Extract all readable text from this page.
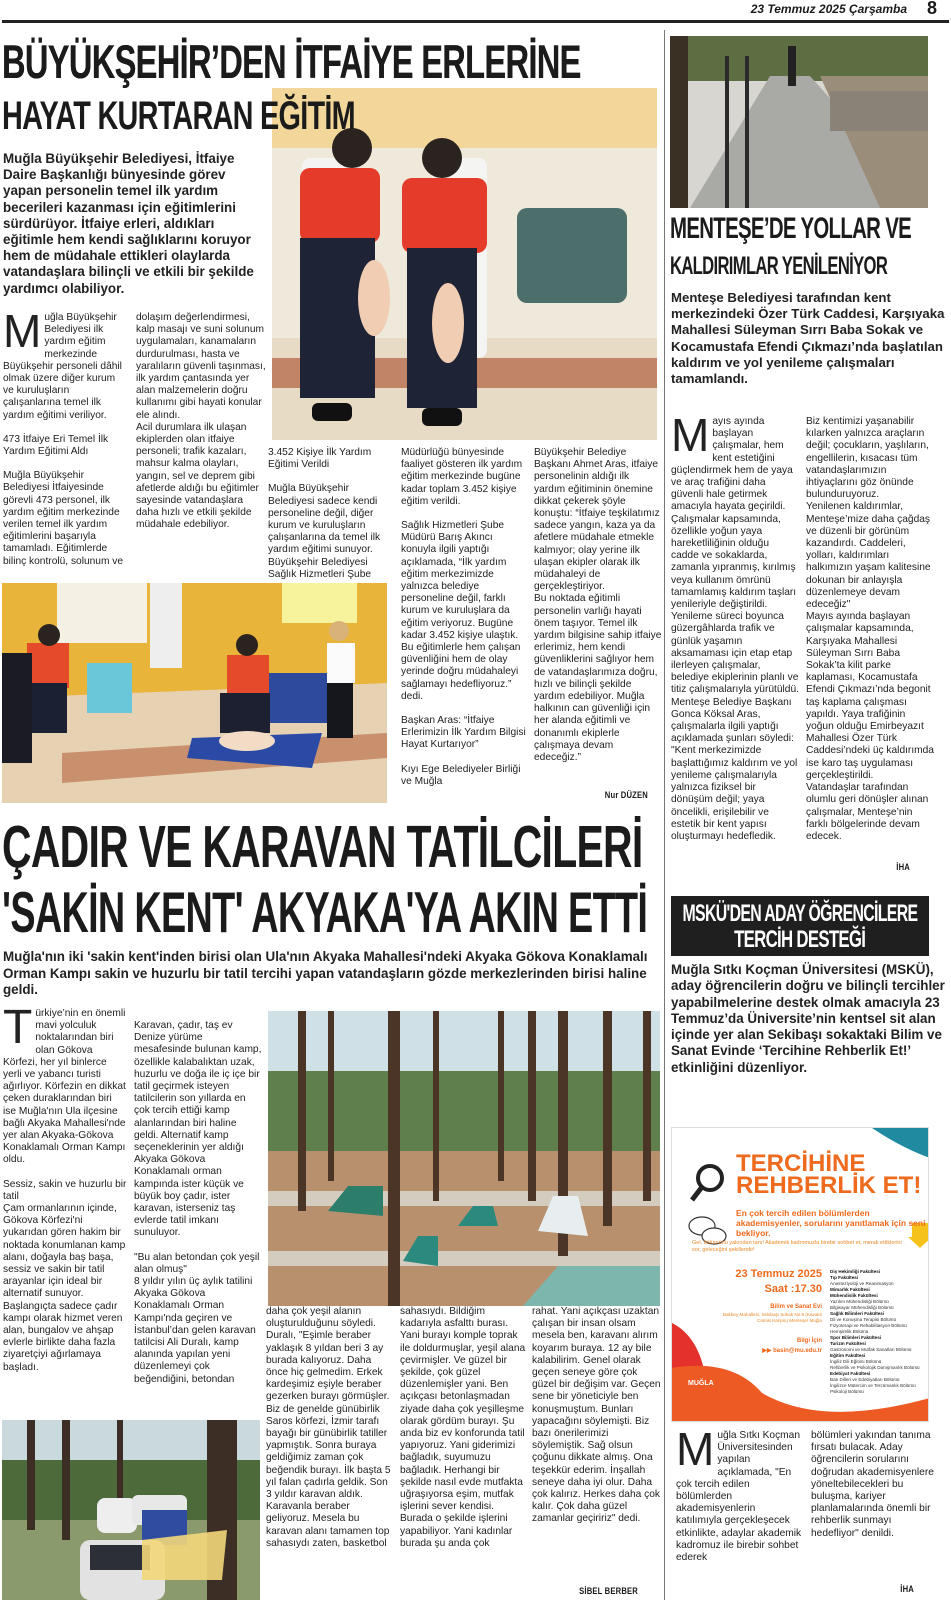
23 Temmuz 2025 Çarşamba 8
BÜYÜKŞEHİR’DEN İTFAİYE ERLERİNE
HAYAT KURTARAN EĞİTİM

Muğla Büyükşehir Belediyesi, İtfaiye Daire Başkanlığı bünyesinde görev yapan personelin temel ilk yardım becerileri kazanması için eğitimlerini sürdürüyor. İtfaiye erleri, aldıkları eğitimle hem kendi sağlıklarını koruyor hem de müdahale ettikleri olaylarda vatandaşlara bilinçli ve etkili bir şekilde yardımcı olabiliyor.

Muğla Büyükşehir Belediyesi ilk yardım eğitim merkezinde Büyükşehir personeli dâhil olmak üzere diğer kurum ve kuruluşların çalışanlarına temel ilk yardım eğitimi veriliyor.

473 İtfaiye Eri Temel İlk Yardım Eğitimi Aldı

Muğla Büyükşehir Belediyesi İtfaiyesinde görevli 473 personel, ilk yardım eğitim merkezinde verilen temel ilk yardım eğitimlerini başarıyla tamamladı. Eğitimlerde bilinç kontrolü, solunum ve

dolaşım değerlendirmesi, kalp masajı ve suni solunum uygulamaları, kanamaların durdurulması, hasta ve yaralıların güvenli taşınması, ilk yardım çantasında yer alan malzemelerin doğru kullanımı gibi hayati konular ele alındı.

Acil durumlara ilk ulaşan ekiplerden olan itfaiye personeli; trafik kazaları, mahsur kalma olayları, yangın, sel ve deprem gibi afetlerde aldığı bu eğitimler sayesinde vatandaşlara daha hızlı ve etkili şekilde müdahale edebiliyor.

3.452 Kişiye İlk Yardım Eğitimi Verildi

Muğla Büyükşehir Belediyesi sadece kendi personeline değil, diğer kurum ve kuruluşların çalışanlarına da temel ilk yardım eğitimi sunuyor. Büyükşehir Belediyesi Sağlık Hizmetleri Şube

Müdürlüğü bünyesinde faaliyet gösteren ilk yardım eğitim merkezinde bugüne kadar toplam 3.452 kişiye eğitim verildi.

Sağlık Hizmetleri Şube Müdürü Barış Akıncı konuyla ilgili yaptığı açıklamada, “İlk yardım eğitim merkezimizde yalnızca belediye personeline değil, farklı kurum ve kuruluşlara da eğitim veriyoruz. Bugüne kadar 3.452 kişiye ulaştık. Bu eğitimlerle hem çalışan güvenliğini hem de olay yerinde doğru müdahaleyi sağlamayı hedefliyoruz.” dedi.

Başkan Aras: “İtfaiye Erlerimizin İlk Yardım Bilgisi Hayat Kurtarıyor”

Kıyı Ege Belediyeler Birliği ve Muğla

Büyükşehir Belediye Başkanı Ahmet Aras, itfaiye personelinin aldığı ilk yardım eğitiminin önemine dikkat çekerek şöyle konuştu: “İtfaiye teşkilatımız sadece yangın, kaza ya da afetlere müdahale etmekle kalmıyor; olay yerine ilk ulaşan ekipler olarak ilk müdahaleyi de gerçekleştiriyor.

Bu noktada eğitimli personelin varlığı hayati önem taşıyor. Temel ilk yardım bilgisine sahip itfaiye erlerimiz, hem kendi güvenliklerini sağlıyor hem de vatandaşlarımıza doğru, hızlı ve bilinçli şekilde yardım edebiliyor. Muğla halkının can güvenliği için her alanda eğitimli ve donanımlı ekiplerle çalışmaya devam edeceğiz.”

Nur DÜZEN
MENTEŞE’DE YOLLAR VE
KALDIRIMLAR YENİLENİYOR

Menteşe Belediyesi tarafından kent merkezindeki Özer Türk Caddesi, Karşıyaka Mahallesi Süleyman Sırrı Baba Sokak ve Kocamustafa Efendi Çıkmazı’nda başlatılan kaldırım ve yol yenileme çalışmaları tamamlandı.

Mayıs ayında başlayan çalışmalar, hem kent estetiğini güçlendirmek hem de yaya ve araç trafiğini daha güvenli hale getirmek amacıyla hayata geçirildi.

Çalışmalar kapsamında, özellikle yoğun yaya hareketliliğinin olduğu cadde ve sokaklarda, zamanla yıpranmış, kırılmış veya kullanım ömrünü tamamlamış kaldırım taşları yenileriyle değiştirildi. Yenileme süreci boyunca güzergâhlarda trafik ve günlük yaşamın aksamaması için etap etap ilerleyen çalışmalar, belediye ekiplerinin planlı ve titiz çalışmalarıyla yürütüldü.

Menteşe Belediye Başkanı Gonca Köksal Aras, çalışmalarla ilgili yaptığı açıklamada şunları söyledi:

"Kent merkezimizde başlattığımız kaldırım ve yol yenileme çalışmalarıyla yalnızca fiziksel bir dönüşüm değil; yaya öncelikli, erişilebilir ve estetik bir kent yapısı oluşturmayı hedefledik.

Biz kentimizi yaşanabilir kılarken yalnızca araçların değil; çocukların, yaşlıların, engellilerin, kısacası tüm vatandaşlarımızın ihtiyaçlarını göz önünde bulunduruyoruz.

Yenilenen kaldırımlar, Menteşe’mize daha çağdaş ve düzenli bir görünüm kazandırdı. Caddeleri, yolları, kaldırımları halkımızın yaşam kalitesine dokunan bir anlayışla düzenlemeye devam edeceğiz"

Mayıs ayında başlayan çalışmalar kapsamında, Karşıyaka Mahallesi Süleyman Sırrı Baba Sokak’ta kilit parke kaplaması, Kocamustafa Efendi Çıkmazı’nda begonit taş kaplama çalışması yapıldı. Yaya trafiğinin yoğun olduğu Emirbeyazıt Mahallesi Özer Türk Caddesi’ndeki üç kaldırımda ise karo taş uygulaması gerçekleştirildi.

Vatandaşlar tarafından olumlu geri dönüşler alınan çalışmalar, Menteşe’nin farklı bölgelerinde devam edecek.

İHA
ÇADIR VE KARAVAN TATİLCİLERİ
'SAKİN KENT' AKYAKA'YA AKIN ETTİ

Muğla'nın iki 'sakin kent'inden birisi olan Ula'nın Akyaka Mahallesi'ndeki Akyaka Gökova Konaklamalı Orman Kampı sakin ve huzurlu bir tatil tercihi yapan vatandaşların gözde merkezlerinden birisi haline geldi.

Türkiye’nin en önemli mavi yolculuk noktalarından biri olan Gökova Körfezi, her yıl binlerce yerli ve yabancı turisti ağırlıyor. Körfezin en dikkat çeken duraklarından biri ise Muğla'nın Ula ilçesine bağlı Akyaka Mahallesi'nde yer alan Akyaka-Gökova Konaklamalı Orman Kampı oldu.

Sessiz, sakin ve huzurlu bir tatil

Çam ormanlarının içinde, Gökova Körfezi'ni yukarıdan gören hakim bir noktada konumlanan kamp alanı, doğayla baş başa, sessiz ve sakin bir tatil arayanlar için ideal bir alternatif sunuyor. Başlangıçta sadece çadır kampı olarak hizmet veren alan, bungalov ve ahşap evlerle birlikte daha fazla ziyaretçiyi ağırlamaya başladı.

Karavan, çadır, taş ev

Denize yürüme mesafesinde bulunan kamp, özellikle kalabalıktan uzak, huzurlu ve doğa ile iç içe bir tatil geçirmek isteyen tatilcilerin son yıllarda en çok tercih ettiği kamp alanlarından biri haline geldi. Alternatif kamp seçeneklerinin yer aldığı Akyaka Gökova Konaklamalı orman kampında ister küçük ve büyük boy çadır, ister karavan, isterseniz taş evlerde tatil imkanı sunuluyor.

"Bu alan betondan çok yeşil alan olmuş"

8 yıldır yılın üç aylık tatilini Akyaka Gökova Konaklamalı Orman Kampı'nda geçiren ve İstanbul’dan gelen karavan tatilcisi Ali Duralı, kamp alanında yapılan yeni düzenlemeyi çok beğendiğini, betondan

daha çok yeşil alanın oluşturulduğunu söyledi. Duralı, "Eşimle beraber yaklaşık 8 yıldan beri 3 ay burada kalıyoruz. Daha önce hiç gelmedim. Erkek kardeşimiz eşiyle beraber gezerken burayı görmüşler. Biz de genelde günübirlik Saros körfezi, İzmir tarafı bayağı bir günübirlik tatiller yapmıştık. Sonra buraya geldiğimiz zaman çok beğendik burayı. İlk başta 5 yıl falan çadırla geldik. Son 3 yıldır karavan aldık. Karavanla beraber geliyoruz. Mesela bu karavan alanı tamamen top sahasıydı zaten, basketbol

sahasıydı. Bildiğim kadarıyla asfalttı burası. Yani burayı komple toprak ile doldurmuşlar, yeşil alana çevirmişler. Ve güzel bir şekilde, çok güzel düzenlemişler yani. Ben açıkçası betonlaşmadan ziyade daha çok yeşilleşme olarak gördüm burayı. Şu anda biz ev konforunda tatil yapıyoruz. Yani giderimizi bağladık, suyumuzu bağladık. Herhangi bir şekilde nasıl evde mutfakta uğraşıyorsa eşim, mutfak işlerini sever kendisi. Burada o şekilde işlerini yapabiliyor. Yani kadınlar burada şu anda çok

rahat. Yani açıkçası uzaktan çalışan bir insan olsam mesela ben, karavanı alırım koyarım buraya. 12 ay bile kalabilirim. Genel olarak geçen seneye göre çok güzel bir değişim var. Geçen sene bir yöneticiyle ben konuşmuştum. Bunları yapacağını söylemişti. Biz bazı önerilerimizi söylemiştik. Sağ olsun çoğunu dikkate almış. Ona teşekkür ederim. İnşallah seneye daha iyi olur. Daha çok kalırız. Herkes daha çok kalır. Çok daha güzel zamanlar geçiririz" dedi.

SİBEL BERBER
MSKÜ'DEN ADAY ÖĞRENCİLERE
TERCİH DESTEĞİ

Muğla Sıtkı Koçman Üniversitesi (MSKÜ), aday öğrencilerin doğru ve bilinçli tercihler yapabilmelerine destek olmak amacıyla 23 Temmuz’da Üniversite’nin kentsel sit alan içinde yer alan Sekibaşı sokaktaki Bilim ve Sanat Evinde ‘Tercihine Rehberlik Et!’ etkinliğini düzenliyor.

TERCİHİNE
REHBERLİK ET!
En çok tercih edilen bölümlerden akademisyenler, sorularını yanıtlamak için seni bekliyor.
Gel, bölümünü yakından tanı! Akademik kadromuzla birebir sohbet et, merak ettiklerini sor, geleceğini şekillendir!
23 Temmuz 2025
Saat :17.30
Bilim ve Sanat Evi
Bakbey Mahallesi, Sekibaşı Sokak No:6 (Kavaklı Camisi Karşısı) Menteşe/ Muğla
Bilgi İçin
▶▶ basin@mu.edu.tr
Diş Hekimliği Fakültesi
Tıp Fakültesi
Anesteziyoloji ve Reanimasyon
Mimarlık Fakültesi
Mühendislik Fakültesi
Yazılım Mühendisliği Bölümü
Bilgisayar Mühendisliği Bölümü
Sağlık Bilimleri Fakültesi
Dil ve Konuşma Terapisi Bölümü
Fizyoterapi ve Rehabilitasyon Bölümü
Hemşirelik Bölümü
Spor Bilimleri Fakültesi
Turizm Fakültesi
Gastronomi ve Mutfak Sanatları Bölümü
Eğitim Fakültesi
İngiliz Dili Eğitimi Bölümü
Rehberlik ve Psikolojik Danışmanlık Bölümü
Edebiyat Fakültesi
Batı Dilleri ve Edebiyatları Bölümü
İngilizce Mütercim ve Tercümanlık Bölümü
Psikoloji Bölümü
MUĞLA

Muğla Sıtkı Koçman Üniversitesinden yapılan açıklamada, "En çok tercih edilen bölümlerden akademisyenlerin katılımıyla gerçekleşecek etkinlikte, adaylar akademik kadromuz ile birebir sohbet ederek

bölümleri yakından tanıma fırsatı bulacak. Aday öğrencilerin sorularını doğrudan akademisyenlere yöneltebilecekleri bu buluşma, kariyer planlamalarında önemli bir rehberlik sunmayı hedefliyor" denildi.

İHA
